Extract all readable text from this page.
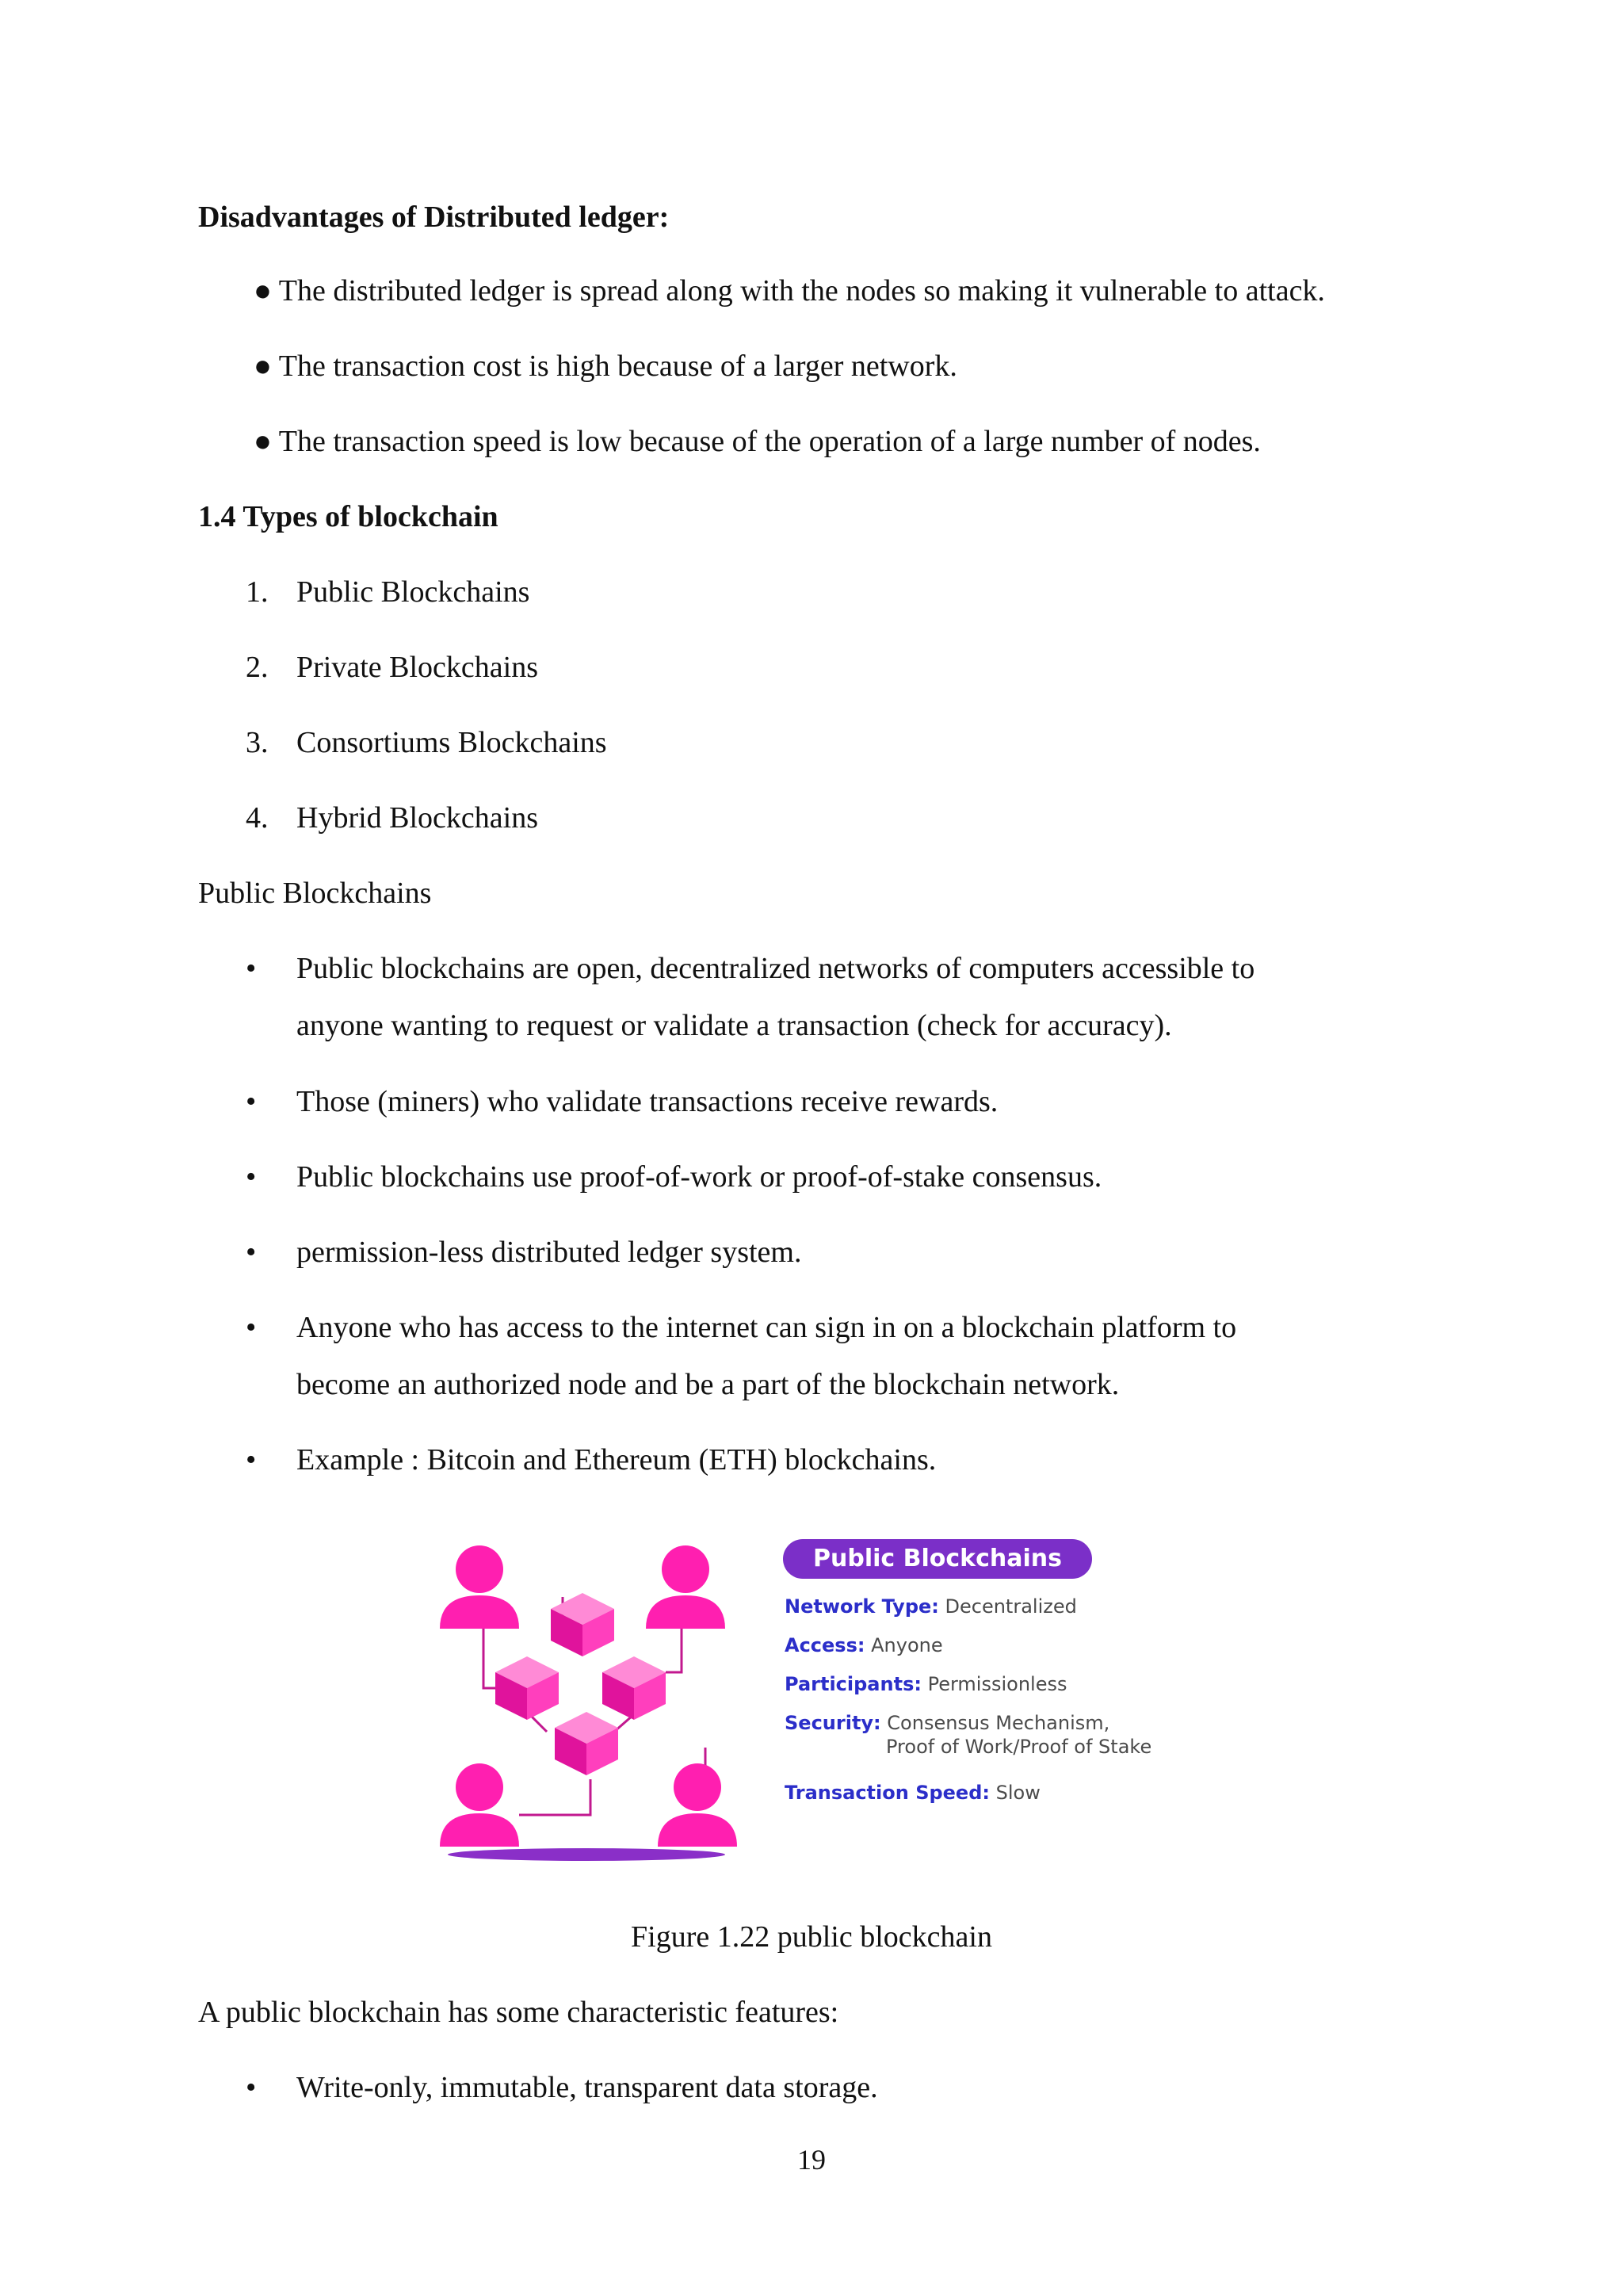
Disadvantages of Distributed ledger:
● The distributed ledger is spread along with the nodes so making it vulnerable to attack.
● The transaction cost is high because of a larger network.
● The transaction speed is low because of the operation of a large number of nodes.
1.4 Types of blockchain
1. Public Blockchains
2. Private Blockchains
3. Consortiums Blockchains
4. Hybrid Blockchains
Public Blockchains
• Public blockchains are open, decentralized networks of computers accessible to
anyone wanting to request or validate a transaction (check for accuracy).
• Those (miners) who validate transactions receive rewards.
• Public blockchains use proof-of-work or proof-of-stake consensus.
• permission-less distributed ledger system.
• Anyone who has access to the internet can sign in on a blockchain platform to
become an authorized node and be a part of the blockchain network.
• Example : Bitcoin and Ethereum (ETH) blockchains.
Public Blockchains
Network Type: Decentralized
Access: Anyone
Participants: Permissionless
Security: Consensus Mechanism,
Proof of Work/Proof of Stake
Transaction Speed: Slow
Figure 1.22 public blockchain
A public blockchain has some characteristic features:
• Write-only, immutable, transparent data storage.
19
